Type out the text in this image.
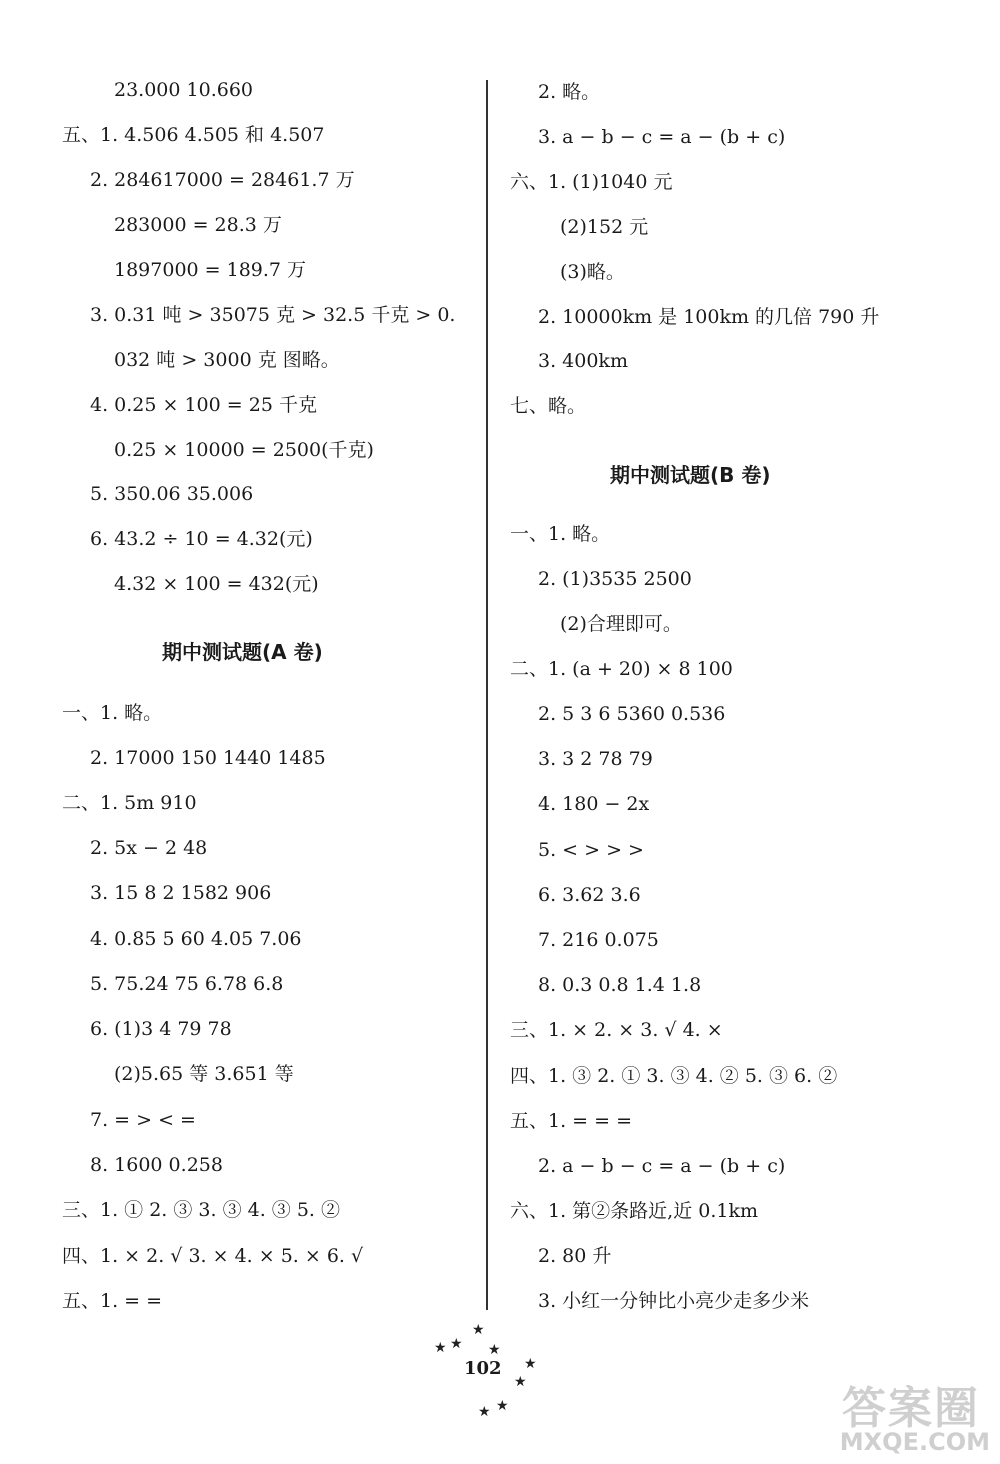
23.000 10.660
五、1. 4.506 4.505 和 4.507
2. 284617000 = 28461.7 万
283000 = 28.3 万
1897000 = 189.7 万
3. 0.31 吨 > 35075 克 > 32.5 千克 > 0.
032 吨 > 3000 克 图略。
4. 0.25 × 100 = 25 千克
0.25 × 10000 = 2500(千克)
5. 350.06 35.006
6. 43.2 ÷ 10 = 4.32(元)
4.32 × 100 = 432(元)
期中测试题(A 卷)
一、1. 略。
2. 17000 150 1440 1485
二、1. 5m 910
2. 5x − 2 48
3. 15 8 2 1582 906
4. 0.85 5 60 4.05 7.06
5. 75.24 75 6.78 6.8
6. (1)3 4 79 78
(2)5.65 等 3.651 等
7. = > < =
8. 1600 0.258
三、1. ① 2. ③ 3. ③ 4. ③ 5. ②
四、1. × 2. √ 3. × 4. × 5. × 6. √
五、1. = =
2. 略。
3. a − b − c = a − (b + c)
六、1. (1)1040 元
(2)152 元
(3)略。
2. 10000km 是 100km 的几倍 790 升
3. 400km
七、略。
期中测试题(B 卷)
一、1. 略。
2. (1)3535 2500
(2)合理即可。
二、1. (a + 20) × 8 100
2. 5 3 6 5360 0.536
3. 3 2 78 79
4. 180 − 2x
5. < > > >
6. 3.62 3.6
7. 216 0.075
8. 0.3 0.8 1.4 1.8
三、1. × 2. × 3. √ 4. ×
四、1. ③ 2. ① 3. ③ 4. ② 5. ③ 6. ②
五、1. = = =
2. a − b − c = a − (b + c)
六、1. 第②条路近,近 0.1km
2. 80 升
3. 小红一分钟比小亮少走多少米
★
★ ★ ★
★
★
★ ★
102
答案圈
MXQE.COM
